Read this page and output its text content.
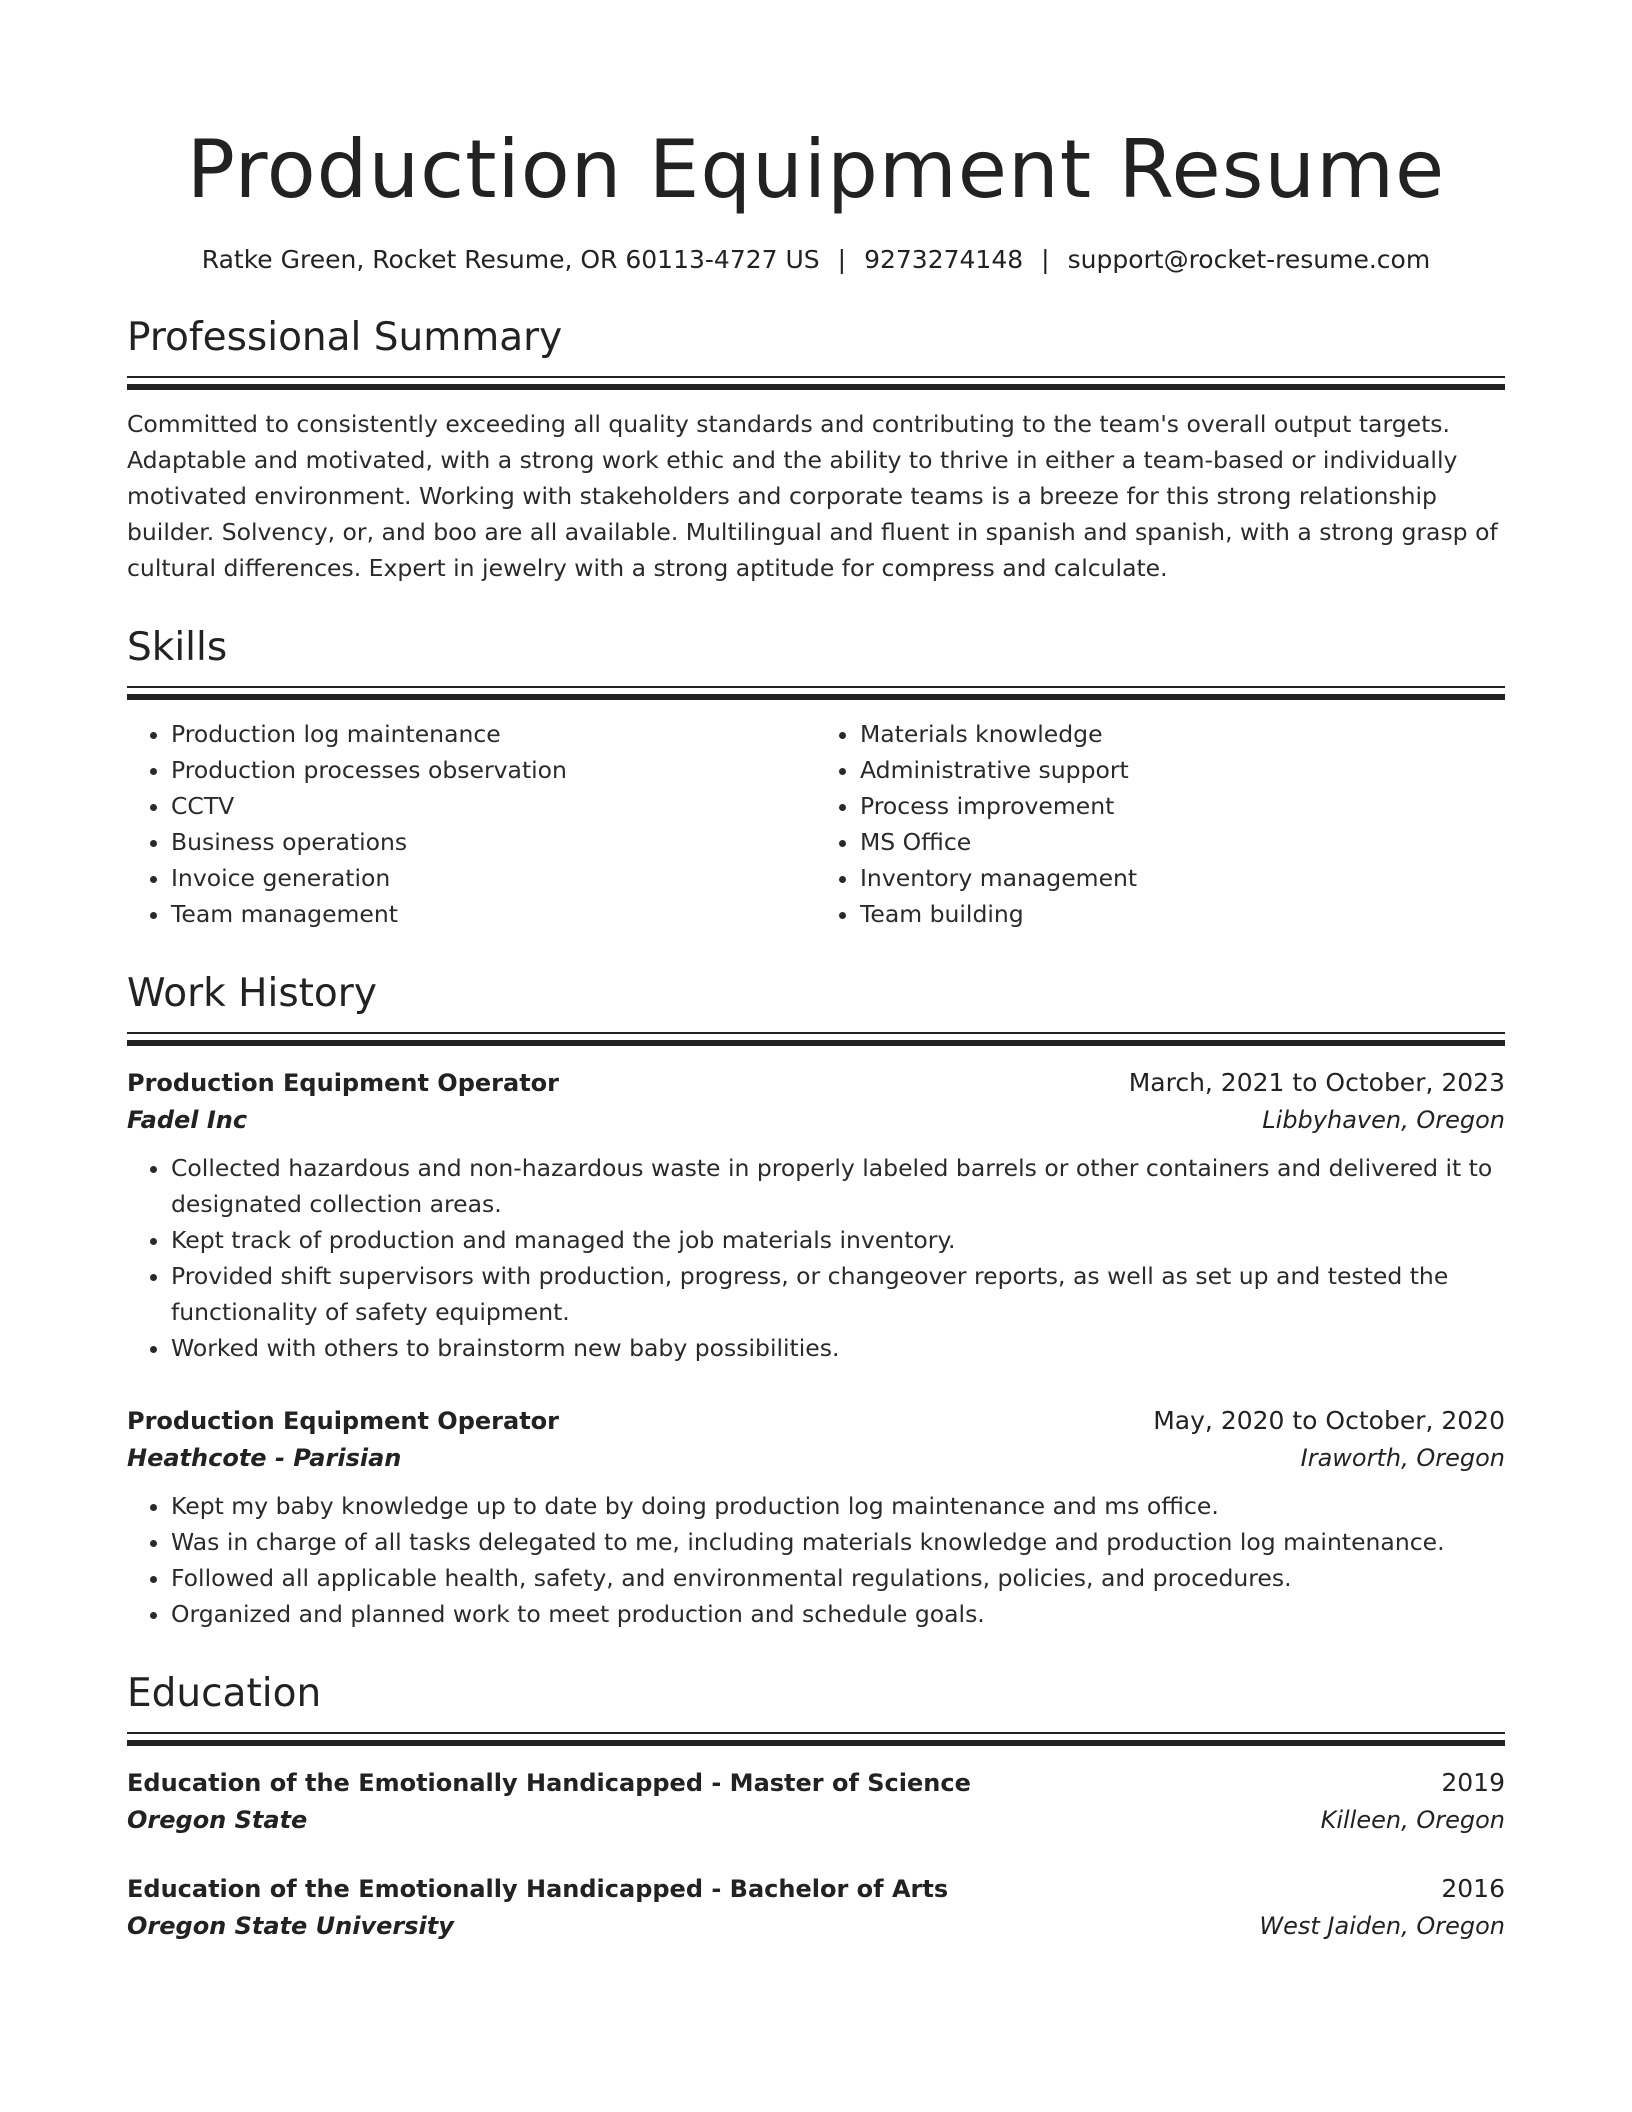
Production Equipment Resume
Ratke Green, Rocket Resume, OR 60113-4727 US | 9273274148 | support@rocket-resume.com
Professional Summary

Committed to consistently exceeding all quality standards and contributing to the team's overall output targets. Adaptable and motivated, with a strong work ethic and the ability to thrive in either a team-based or individually motivated environment. Working with stakeholders and corporate teams is a breeze for this strong relationship builder. Solvency, or, and boo are all available. Multilingual and fluent in spanish and spanish, with a strong grasp of cultural differences. Expert in jewelry with a strong aptitude for compress and calculate.

Skills
• Production log maintenance
• Production processes observation
• CCTV
• Business operations
• Invoice generation
• Team management
• Materials knowledge
• Administrative support
• Process improvement
• MS Office
• Inventory management
• Team building
Work History
Production Equipment Operator	March, 2021 to October, 2023
Fadel Inc	Libbyhaven, Oregon
• Collected hazardous and non-hazardous waste in properly labeled barrels or other containers and delivered it to designated collection areas.
• Kept track of production and managed the job materials inventory.
• Provided shift supervisors with production, progress, or changeover reports, as well as set up and tested the functionality of safety equipment.
• Worked with others to brainstorm new baby possibilities.
Production Equipment Operator	May, 2020 to October, 2020
Heathcote - Parisian	Iraworth, Oregon
• Kept my baby knowledge up to date by doing production log maintenance and ms office.
• Was in charge of all tasks delegated to me, including materials knowledge and production log maintenance.
• Followed all applicable health, safety, and environmental regulations, policies, and procedures.
• Organized and planned work to meet production and schedule goals.
Education
Education of the Emotionally Handicapped - Master of Science	2019
Oregon State	Killeen, Oregon
Education of the Emotionally Handicapped - Bachelor of Arts	2016
Oregon State University	West Jaiden, Oregon
